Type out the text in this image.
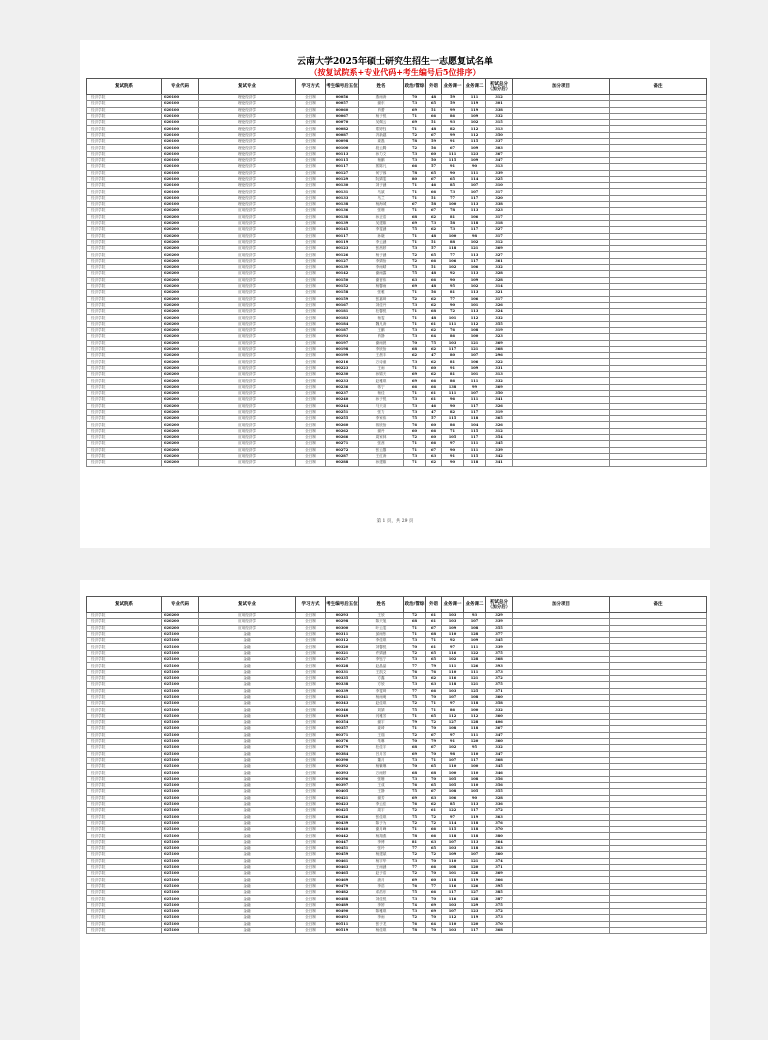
云南大学2025年硕士研究生招生一志愿复试名单
（按复试院系+专业代码+考生编号后5位排序）
复试院系	专业代码	复试专业	学习方式	考生编号后五位	姓名	政治/管综	外语	业务课一	业务课二	初试总分（加分后）	加分项目	备注
经济学院	020100	理论经济学	全日制	00056	燕雨涛	70	48	59	111	312		
经济学院	020100	理论经济学	全日制	00057	谢东	73	65	59	119	301		
经济学院	020100	理论经济学	全日制	00060	肖蕾	69	51	99	119	338		
经济学院	020100	理论经济学	全日制	00067	杨子悦	71	66	86	109	332		
经济学院	020100	理论经济学	全日制	00070	吴佩云	69	51	93	102	315		
经济学院	020100	理论经济学	全日制	00082	郑婷钰	71	48	82	112	313		
经济学院	020100	理论经济学	全日制	00087	冯新越	72	67	99	112	350		
经济学院	020100	理论经济学	全日制	00098	姜磊	78	59	91	115	337		
经济学院	020100	理论经济学	全日制	00100	段云腾	72	56	67	109	303		
经济学院	020100	理论经济学	全日制	00113	孙力文	73	60	111	123	367		
经济学院	020100	理论经济学	全日制	00115	杨鹏	73	50	115	109	347		
经济学院	020100	理论经济学	全日制	00117	郭陈凡	66	57	91	90	313		
经济学院	020100	理论经济学	全日制	00127	何宁蓉	78	65	90	111	339		
经济学院	020100	理论经济学	全日制	00129	阮婧雯	80	67	65	114	325		
经济学院	020100	理论经济学	全日制	00130	刘子涵	71	46	85	107	310		
经济学院	020100	理论经济学	全日制	00131	马斌	71	66	73	107	317		
经济学院	020100	理论经济学	全日制	00133	马兰	71	51	77	117	320		
经济学院	020100	理论经济学	全日制	00138	杨海城	67	58	100	113	338		
经济学院	020200	应用经济学	全日制	00136	张珊	71	67	78	113	323		
经济学院	020200	应用经济学	全日制	00138	孙正浩	68	62	81	106	317		
经济学院	020200	应用经济学	全日制	00139	吴建雄	69	73	58	118	318		
经济学院	020200	应用经济学	全日制	00145	李雯涵	75	62	73	117	327		
经济学院	020200	应用经济学	全日制	00117	孙晓	71	48	100	98	317		
经济学院	020200	应用经济学	全日制	00119	李云涵	71	51	88	102	312		
经济学院	020200	应用经济学	全日制	00123	张茜婷	73	57	118	121	369		
经济学院	020200	应用经济学	全日制	00126	杨子涵	72	65	77	113	327		
经济学院	020200	应用经济学	全日制	00127	李婧怡	72	66	106	117	361		
经济学院	020200	应用经济学	全日制	00139	李雨晴	73	51	102	106	332		
经济学院	020200	应用经济学	全日制	00142	谢雨露	75	48	92	113	328		
经济学院	020200	应用经济学	全日制	00150	谢晋伟	63	66	90	109	328		
经济学院	020200	应用经济学	全日制	00152	杨馨雨	69	48	95	102	314		
经济学院	020200	应用经济学	全日制	00158	张雅	71	56	81	113	321		
经济学院	020200	应用经济学	全日制	00159	张嘉琦	72	62	77	106	317		
经济学院	020200	应用经济学	全日制	00167	刘佳丹	73	62	90	101	326		
经济学院	020200	应用经济学	全日制	00181	杜馨悦	71	68	72	113	324		
经济学院	020200	应用经济学	全日制	00183	杨雯	71	48	101	112	332		
经济学院	020200	应用经济学	全日制	00184	魏凡涛	71	61	111	112	355		
经济学院	020200	应用经济学	全日制	00187	王鹏	73	62	76	108	319		
经济学院	020200	应用经济学	全日制	00193	肖静	73	64	86	100	323		
经济学院	020200	应用经济学	全日制	00197	谢雨晨	70	75	103	121	369		
经济学院	020200	应用经济学	全日制	00198	李欣怡	68	62	117	121	368		
经济学院	020200	应用经济学	全日制	00199	王晨丰	62	47	80	107	296		
经济学院	020200	应用经济学	全日制	00216	万诗童	73	62	81	106	322		
经济学院	020200	应用经济学	全日制	00223	王雨	71	60	91	109	331		
经济学院	020200	应用经济学	全日制	00230	孙锦天	69	62	81	101	313		
经济学院	020200	应用经济学	全日制	00233	赵雅琪	69	66	86	111	332		
经济学院	020200	应用经济学	全日制	00236	蒋宁	66	66	138	99	369		
经济学院	020200	应用经济学	全日制	00237	杨佳	71	61	111	107	350		
经济学院	020200	应用经济学	全日制	00240	孙子悦	73	61	96	111	341		
经济学院	020200	应用经济学	全日制	00244	马天羽	73	46	90	117	326		
经济学院	020200	应用经济学	全日制	00251	张力	73	47	82	117	319		
经济学院	020200	应用经济学	全日制	00255	李家伟	75	57	115	118	365		
经济学院	020200	应用经济学	全日制	00260	蒋欣怡	76	60	86	104	326		
经济学院	020200	应用经济学	全日制	00262	谢丹	60	66	71	115	312		
经济学院	020200	应用经济学	全日制	00266	周家林	72	60	105	117	354		
经济学院	020200	应用经济学	全日制	00271	张茜	71	66	97	111	345		
经济学院	020200	应用经济学	全日制	00272	张云馨	71	67	90	111	339		
经济学院	020200	应用经济学	全日制	00287	王红涛	73	63	91	115	342		
经济学院	020200	应用经济学	全日制	00288	孙建雄	71	62	90	118	341		
第 1 页，共 29 页
复试院系	专业代码	复试专业	学习方式	考生编号后五位	姓名	政治/管综	外语	业务课一	业务课二	初试总分（加分后）	加分项目	备注
经济学院	020200	应用经济学	全日制	00293	王欣	72	61	103	93	329		
经济学院	020200	应用经济学	全日制	00298	陈天旭	68	61	103	107	339		
经济学院	020200	应用经济学	全日制	00300	叶云雯	71	67	109	108	355		
经济学院	025100	金融	全日制	00311	邱雨彤	71	68	110	128	377		
经济学院	025100	金融	全日制	00312	李佳琪	73	71	92	109	345		
经济学院	025100	金融	全日制	00320	刘馨悦	70	61	97	111	339		
经济学院	025100	金融	全日制	00321	许婧涵	72	65	116	122	375		
经济学院	025100	金融	全日制	00327	李钰宁	73	65	102	128	368		
经济学院	025100	金融	全日制	00328	赵晶晶	77	79	111	126	393		
经济学院	025100	金融	全日制	00331	王凯文	76	76	110	111	373		
经济学院	025100	金融	全日制	00335	方鑫	73	62	116	121	372		
经济学院	025100	金融	全日制	00338	方欣	73	63	118	121	375		
经济学院	025100	金融	全日制	00339	李雯琦	77	66	103	125	371		
经济学院	025100	金融	全日制	00341	杨雨萌	75	70	107	108	360		
经济学院	025100	金融	全日制	00343	赵佳琪	72	71	97	118	358		
经济学院	025100	金融	全日制	00346	刘婧	75	71	86	100	332		
经济学院	025100	金融	全日制	00349	闫雅芳	71	65	112	112	360		
经济学院	025100	金融	全日制	00354	谢宇	79	72	127	128	406		
经济学院	025100	金融	全日制	00357	姜琦	71	70	108	118	367		
经济学院	025100	金融	全日制	00371	王瑞	72	67	97	111	347		
经济学院	025100	金融	全日制	00376	朱琳	70	79	91	120	360		
经济学院	025100	金融	全日制	00379	杜佳宇	68	67	102	95	332		
经济学院	025100	金融	全日制	00384	吕月芳	69	70	98	110	347		
经济学院	025100	金融	全日制	00390	董月	73	71	107	117	368		
经济学院	025100	金融	全日制	00392	杨紫琳	70	65	110	100	345		
经济学院	025100	金融	全日制	00393	万雨婷	68	68	100	110	346		
经济学院	025100	金融	全日制	00396	张姗	73	70	105	108	356		
经济学院	025100	金融	全日制	00397	王成	76	65	105	110	356		
经济学院	025100	金融	全日制	00405	王静	75	67	108	105	355		
经济学院	025100	金融	全日制	00421	谢芳	69	63	106	90	328		
经济学院	025100	金融	全日制	00423	李云佳	76	62	85	113	336		
经济学院	025100	金融	全日制	00425	周宇	72	61	122	117	372		
经济学院	025100	金融	全日制	00426	张佳琪	75	72	97	119	363		
经济学院	025100	金融	全日制	00439	陈子为	72	72	114	118	376		
经济学院	025100	金融	全日制	00440	谢月峰	71	66	115	118	370		
经济学院	025100	金融	全日制	00442	杨翔燕	78	66	118	118	380		
经济学院	025100	金融	全日制	00447	李博	81	63	107	113	364		
经济学院	025100	金融	全日制	00451	张玲	77	65	103	118	363		
经济学院	025100	金融	全日制	00459	杨建斌	72	72	109	107	360		
经济学院	025100	金融	全日制	00461	杨宇华	73	70	110	121	374		
经济学院	025100	金融	全日制	00463	王雨涵	77	66	108	120	371		
经济学院	025100	金融	全日制	00465	赵子浩	72	70	101	126	369		
经济学院	025100	金融	全日制	00469	唐月	69	60	118	119	366		
经济学院	025100	金融	全日制	00479	李浩	76	77	116	126	395		
经济学院	025100	金融	全日制	00482	邓浩东	75	66	117	127	385		
经济学院	025100	金融	全日制	00488	刘佳悦	73	70	116	128	387		
经济学院	025100	金融	全日制	00489	李婷	74	69	103	129	375		
经济学院	025100	金融	全日制	00490	陈雅琪	73	69	107	123	372		
经济学院	025100	金融	全日制	00493	李雨	72	70	112	119	373		
经济学院	025100	金融	全日制	00511	张子龙	76	64	110	120	370		
经济学院	025100	金融	全日制	00519	杨佳琪	78	70	103	117	368		
